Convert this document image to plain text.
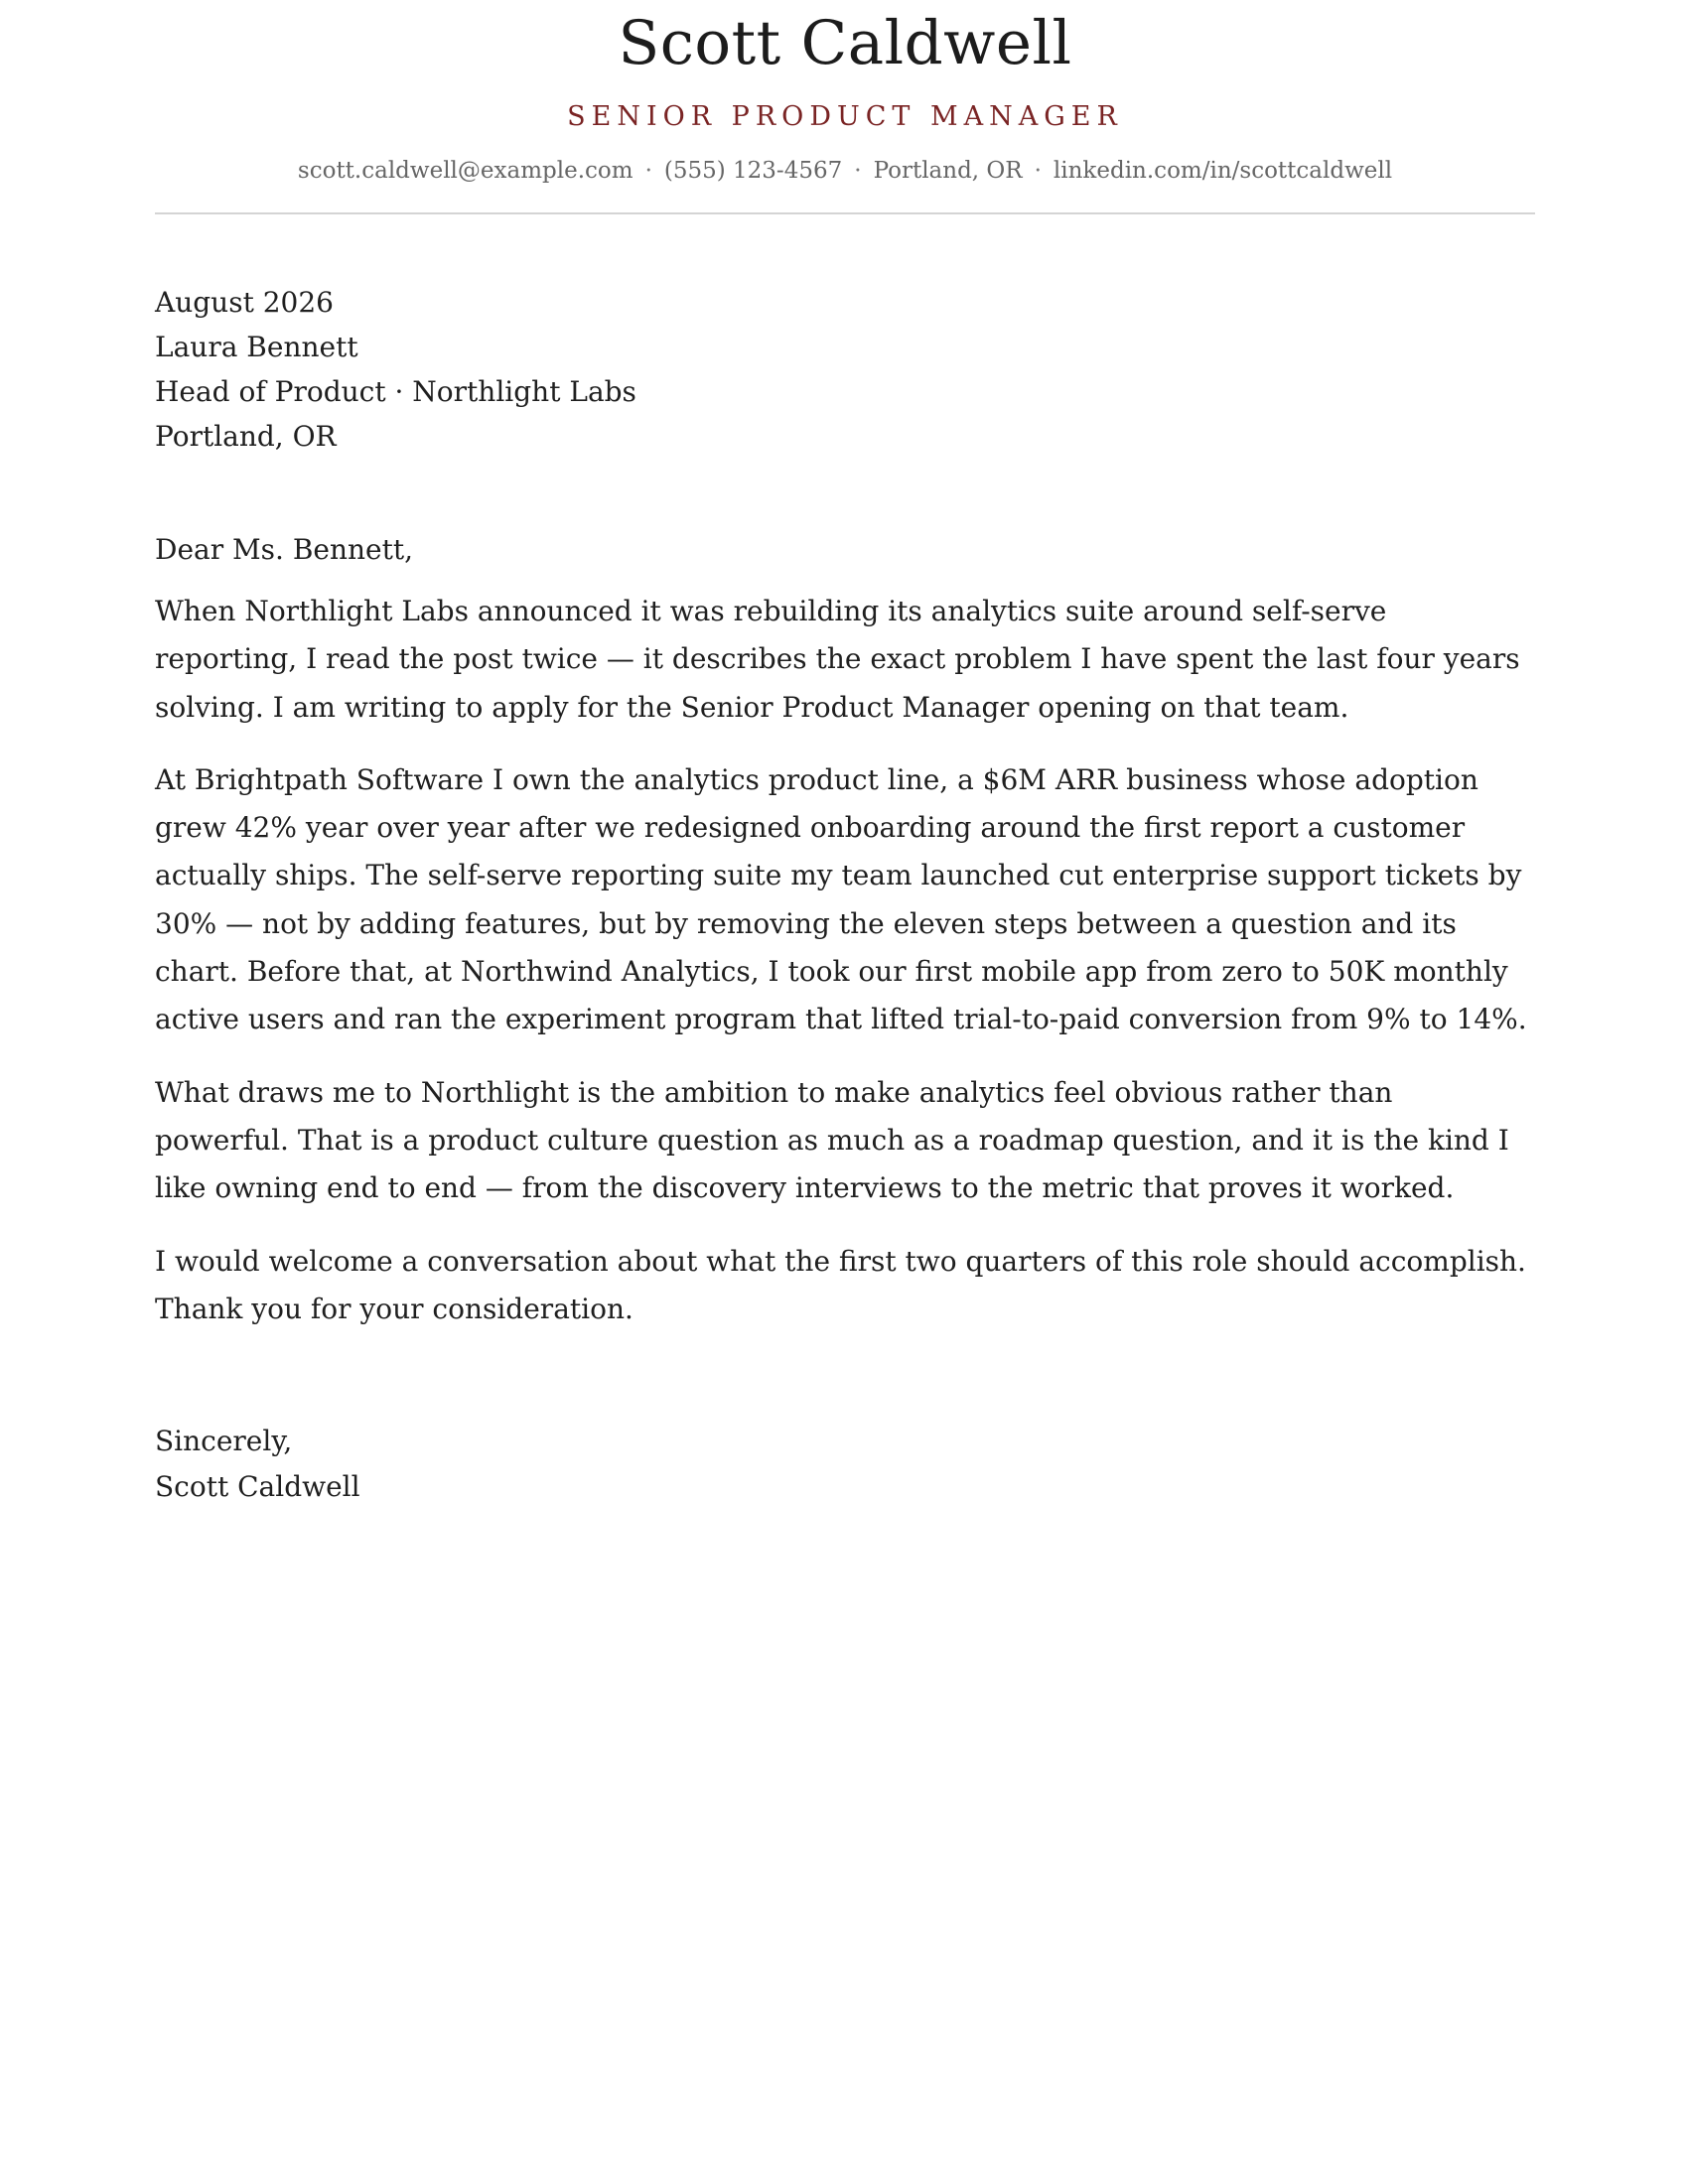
Scott Caldwell
SENIOR PRODUCT MANAGER
scott.caldwell@example.com · (555) 123-4567 · Portland, OR · linkedin.com/in/scottcaldwell
August 2026
Laura Bennett
Head of Product · Northlight Labs
Portland, OR
Dear Ms. Bennett,

When Northlight Labs announced it was rebuilding its analytics suite around self-serve reporting, I read the post twice — it describes the exact problem I have spent the last four years solving. I am writing to apply for the Senior Product Manager opening on that team.

At Brightpath Software I own the analytics product line, a $6M ARR business whose adoption grew 42% year over year after we redesigned onboarding around the first report a customer actually ships. The self-serve reporting suite my team launched cut enterprise support tickets by 30% — not by adding features, but by removing the eleven steps between a question and its chart. Before that, at Northwind Analytics, I took our first mobile app from zero to 50K monthly active users and ran the experiment program that lifted trial-to-paid conversion from 9% to 14%.

What draws me to Northlight is the ambition to make analytics feel obvious rather than powerful. That is a product culture question as much as a roadmap question, and it is the kind I like owning end to end — from the discovery interviews to the metric that proves it worked.

I would welcome a conversation about what the first two quarters of this role should accomplish. Thank you for your consideration.

Sincerely,
Scott Caldwell
